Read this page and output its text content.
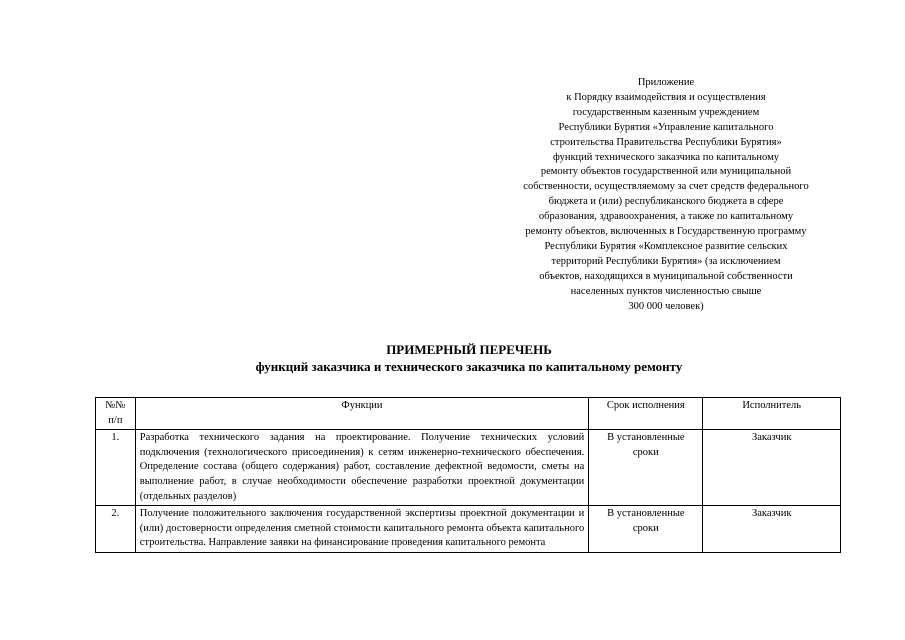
Приложение
к Порядку взаимодействия и осуществления
государственным казенным учреждением
Республики Бурятия «Управление капитального
строительства Правительства Республики Бурятия»
функций технического заказчика по капитальному
ремонту объектов государственной или муниципальной
собственности, осуществляемому за счет средств федерального
бюджета и (или) республиканского бюджета в сфере
образования, здравоохранения, а также по капитальному
ремонту объектов, включенных в Государственную программу
Республики Бурятия «Комплексное развитие сельских
территорий Республики Бурятия» (за исключением
объектов, находящихся в муниципальной собственности
населенных пунктов численностью свыше
300 000 человек)
ПРИМЕРНЫЙ ПЕРЕЧЕНЬ
функций заказчика и технического заказчика по капитальному ремонту
№№ п/п	Функции	Срок исполнения	Исполнитель
1.	Разработка технического задания на проектирование. Получение технических условий подключения (технологического присоединения) к сетям инженерно-технического обеспечения. Определение состава (общего содержания) работ, составление дефектной ведомости, сметы на выполнение работ, в случае необходимости обеспечение разработки проектной документации (отдельных разделов)	В установленные сроки	Заказчик
2.	Получение положительного заключения государственной экспертизы проектной документации и (или) достоверности определения сметной стоимости капитального ремонта объекта капитального строительства. Направление заявки на финансирование проведения капитального ремонта	В установленные сроки	Заказчик
